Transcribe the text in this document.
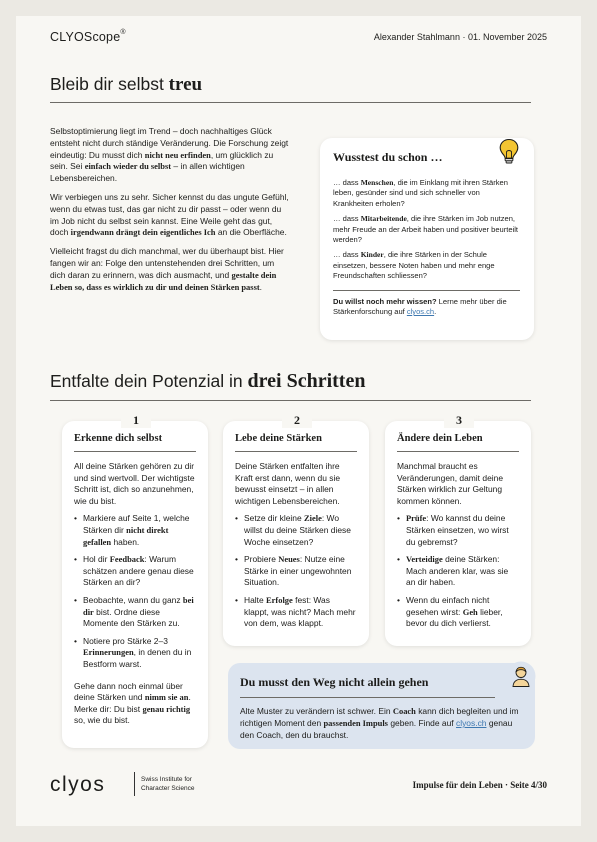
CLYOScope®	Alexander Stahlmann · 01. November 2025
Bleib dir selbst treu

Selbstoptimierung liegt im Trend – doch nachhaltiges Glück entsteht nicht durch ständige Veränderung. Die Forschung zeigt eindeutig: Du musst dich nicht neu erfinden, um glücklich zu sein. Sei einfach wieder du selbst – in allen wichtigen Lebensbereichen.

Wir verbiegen uns zu sehr. Sicher kennst du das ungute Gefühl, wenn du etwas tust, das gar nicht zu dir passt – oder wenn du im Job nicht du selbst sein kannst. Eine Weile geht das gut, doch irgendwann drängt dein eigentliches Ich an die Oberfläche.

Vielleicht fragst du dich manchmal, wer du überhaupt bist. Hier fangen wir an: Folge den untenstehenden drei Schritten, um dich daran zu erinnern, was dich ausmacht, und gestalte dein Leben so, dass es wirklich zu dir und deinen Stärken passt.

Wusstest du schon …

… dass Menschen, die im Einklang mit ihren Stärken leben, gesünder sind und sich schneller von Krankheiten erholen?

… dass Mitarbeitende, die ihre Stärken im Job nutzen, mehr Freude an der Arbeit haben und positiver beurteilt werden?

… dass Kinder, die ihre Stärken in der Schule einsetzen, bessere Noten haben und mehr enge Freundschaften schliessen?

Du willst noch mehr wissen? Lerne mehr über die Stärkenforschung auf clyos.ch.

Entfalte dein Potenzial in drei Schritten
Erkenne dich selbst
All deine Stärken gehören zu dir und sind wertvoll. Der wichtigste Schritt ist, dich so anzunehmen, wie du bist.
• Markiere auf Seite 1, welche Stärken dir nicht direkt gefallen haben.
• Hol dir Feedback: Warum schätzen andere genau diese Stärken an dir?
• Beobachte, wann du ganz bei dir bist. Ordne diese Momente den Stärken zu.
• Notiere pro Stärke 2–3 Erinnerungen, in denen du in Bestform warst.
Gehe dann noch einmal über deine Stärken und nimm sie an. Merke dir: Du bist genau richtig so, wie du bist.
1
Lebe deine Stärken
Deine Stärken entfalten ihre Kraft erst dann, wenn du sie bewusst einsetzt – in allen wichtigen Lebensbereichen.
• Setze dir kleine Ziele: Wo willst du deine Stärken diese Woche einsetzen?
• Probiere Neues: Nutze eine Stärke in einer ungewohnten Situation.
• Halte Erfolge fest: Was klappt, was nicht? Mach mehr von dem, was klappt.
2
Ändere dein Leben
Manchmal braucht es Veränderungen, damit deine Stärken wirklich zur Geltung kommen können.
• Prüfe: Wo kannst du deine Stärken einsetzen, wo wirst du gebremst?
• Verteidige deine Stärken: Mach anderen klar, was sie an dir haben.
• Wenn du einfach nicht gesehen wirst: Geh lieber, bevor du dich verlierst.
3
Du musst den Weg nicht allein gehen
Alte Muster zu verändern ist schwer. Ein Coach kann dich begleiten und im richtigen Moment den passenden Impuls geben. Finde auf clyos.ch genau den Coach, den du brauchst.
clyos	Swiss Institute for
Character Science	Impulse für dein Leben · Seite 4/30
